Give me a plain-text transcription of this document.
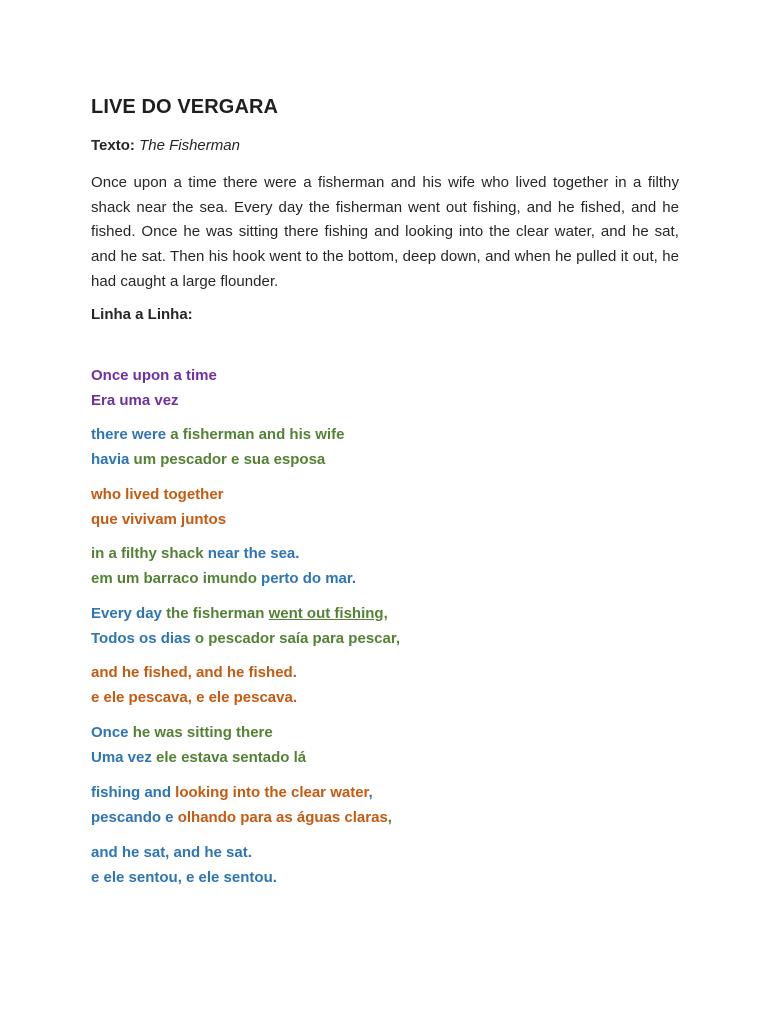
LIVE DO VERGARA
Texto: The Fisherman
Once upon a time there were a fisherman and his wife who lived together in a filthy shack near the sea. Every day the fisherman went out fishing, and he fished, and he fished. Once he was sitting there fishing and looking into the clear water, and he sat, and he sat. Then his hook went to the bottom, deep down, and when he pulled it out, he had caught a large flounder.
Linha a Linha:
Once upon a time
Era uma vez
there were a fisherman and his wife
havia um pescador e sua esposa
who lived together
que vivivam juntos
in a filthy shack near the sea.
em um barraco imundo perto do mar.
Every day the fisherman went out fishing,
Todos os dias o pescador saía para pescar,
and he fished, and he fished.
e ele pescava, e ele pescava.
Once he was sitting there
Uma vez ele estava sentado lá
fishing and looking into the clear water,
pescando e olhando para as águas claras,
and he sat, and he sat.
e ele sentou, e ele sentou.
